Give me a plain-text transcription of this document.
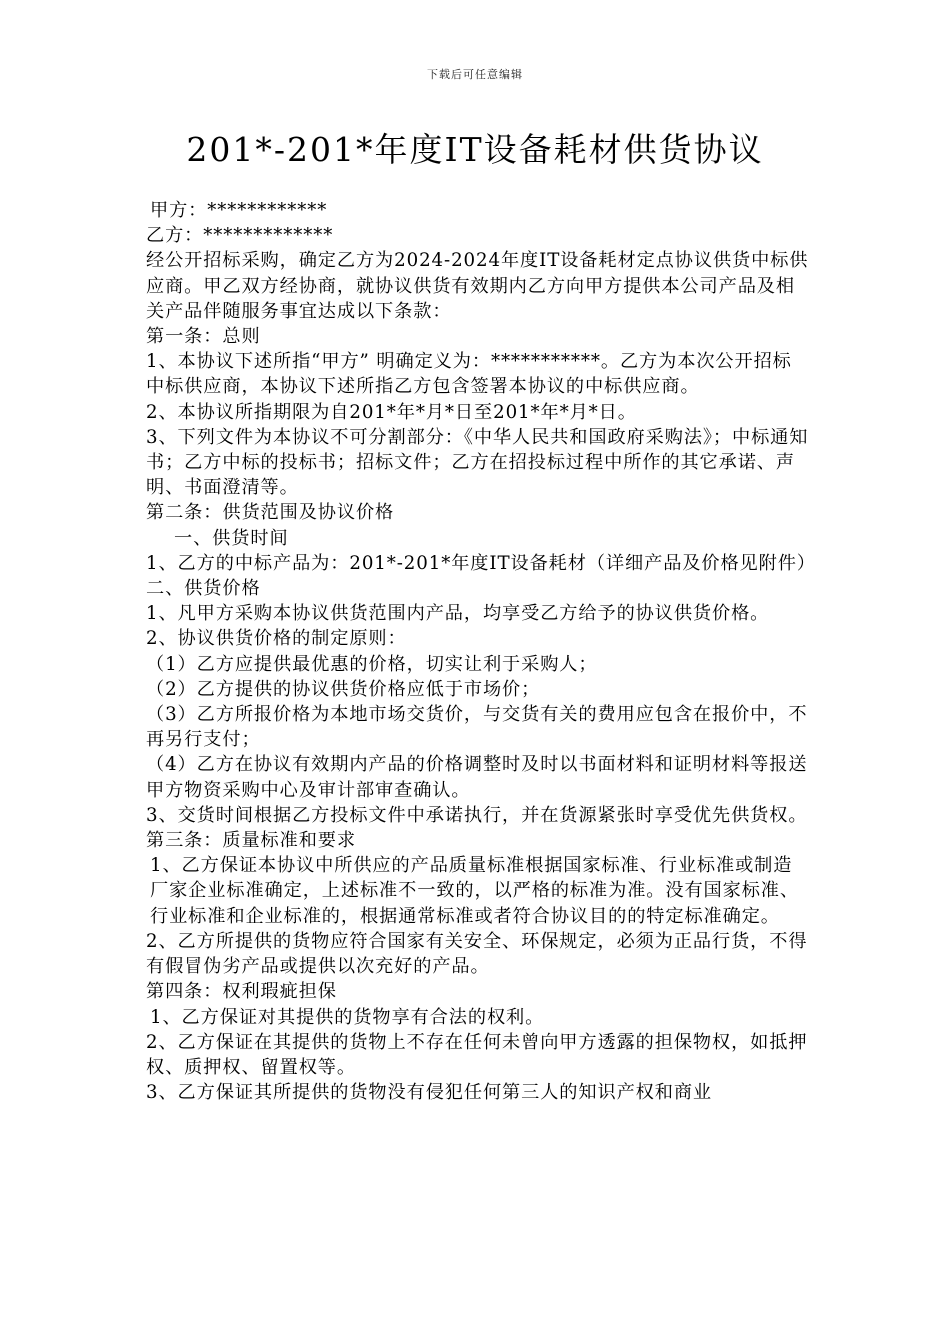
下载后可任意编辑
201*-201*年度IT设备耗材供货协议

甲方：************

乙方：*************

经公开招标采购，确定乙方为2024-2024年度IT设备耗材定点协议供货中标供应商。甲乙双方经协商，就协议供货有效期内乙方向甲方提供本公司产品及相关产品伴随服务事宜达成以下条款：

第一条：总则

1、本协议下述所指“甲方” 明确定义为：***********。乙方为本次公开招标中标供应商，本协议下述所指乙方包含签署本协议的中标供应商。

2、本协议所指期限为自201*年*月*日至201*年*月*日。

3、下列文件为本协议不可分割部分：《中华人民共和国政府采购法》；中标通知书；乙方中标的投标书；招标文件；乙方在招投标过程中所作的其它承诺、声明、书面澄清等。

第二条：供货范围及协议价格

一、供货时间

1、乙方的中标产品为：201*-201*年度IT设备耗材（详细产品及价格见附件）

二、供货价格

1、凡甲方采购本协议供货范围内产品，均享受乙方给予的协议供货价格。

2、协议供货价格的制定原则：

（1）乙方应提供最优惠的价格，切实让利于采购人；

（2）乙方提供的协议供货价格应低于市场价；

（3）乙方所报价格为本地市场交货价，与交货有关的费用应包含在报价中，不再另行支付；

（4）乙方在协议有效期内产品的价格调整时及时以书面材料和证明材料等报送甲方物资采购中心及审计部审查确认。

3、交货时间根据乙方投标文件中承诺执行，并在货源紧张时享受优先供货权。

第三条：质量标准和要求

1、乙方保证本协议中所供应的产品质量标准根据国家标准、行业标准或制造厂家企业标准确定，上述标准不一致的，以严格的标准为准。没有国家标准、行业标准和企业标准的，根据通常标准或者符合协议目的的特定标准确定。

2、乙方所提供的货物应符合国家有关安全、环保规定，必须为正品行货，不得有假冒伪劣产品或提供以次充好的产品。

第四条：权利瑕疵担保

1、乙方保证对其提供的货物享有合法的权利。

2、乙方保证在其提供的货物上不存在任何未曾向甲方透露的担保物权，如抵押权、质押权、留置权等。

3、乙方保证其所提供的货物没有侵犯任何第三人的知识产权和商业
